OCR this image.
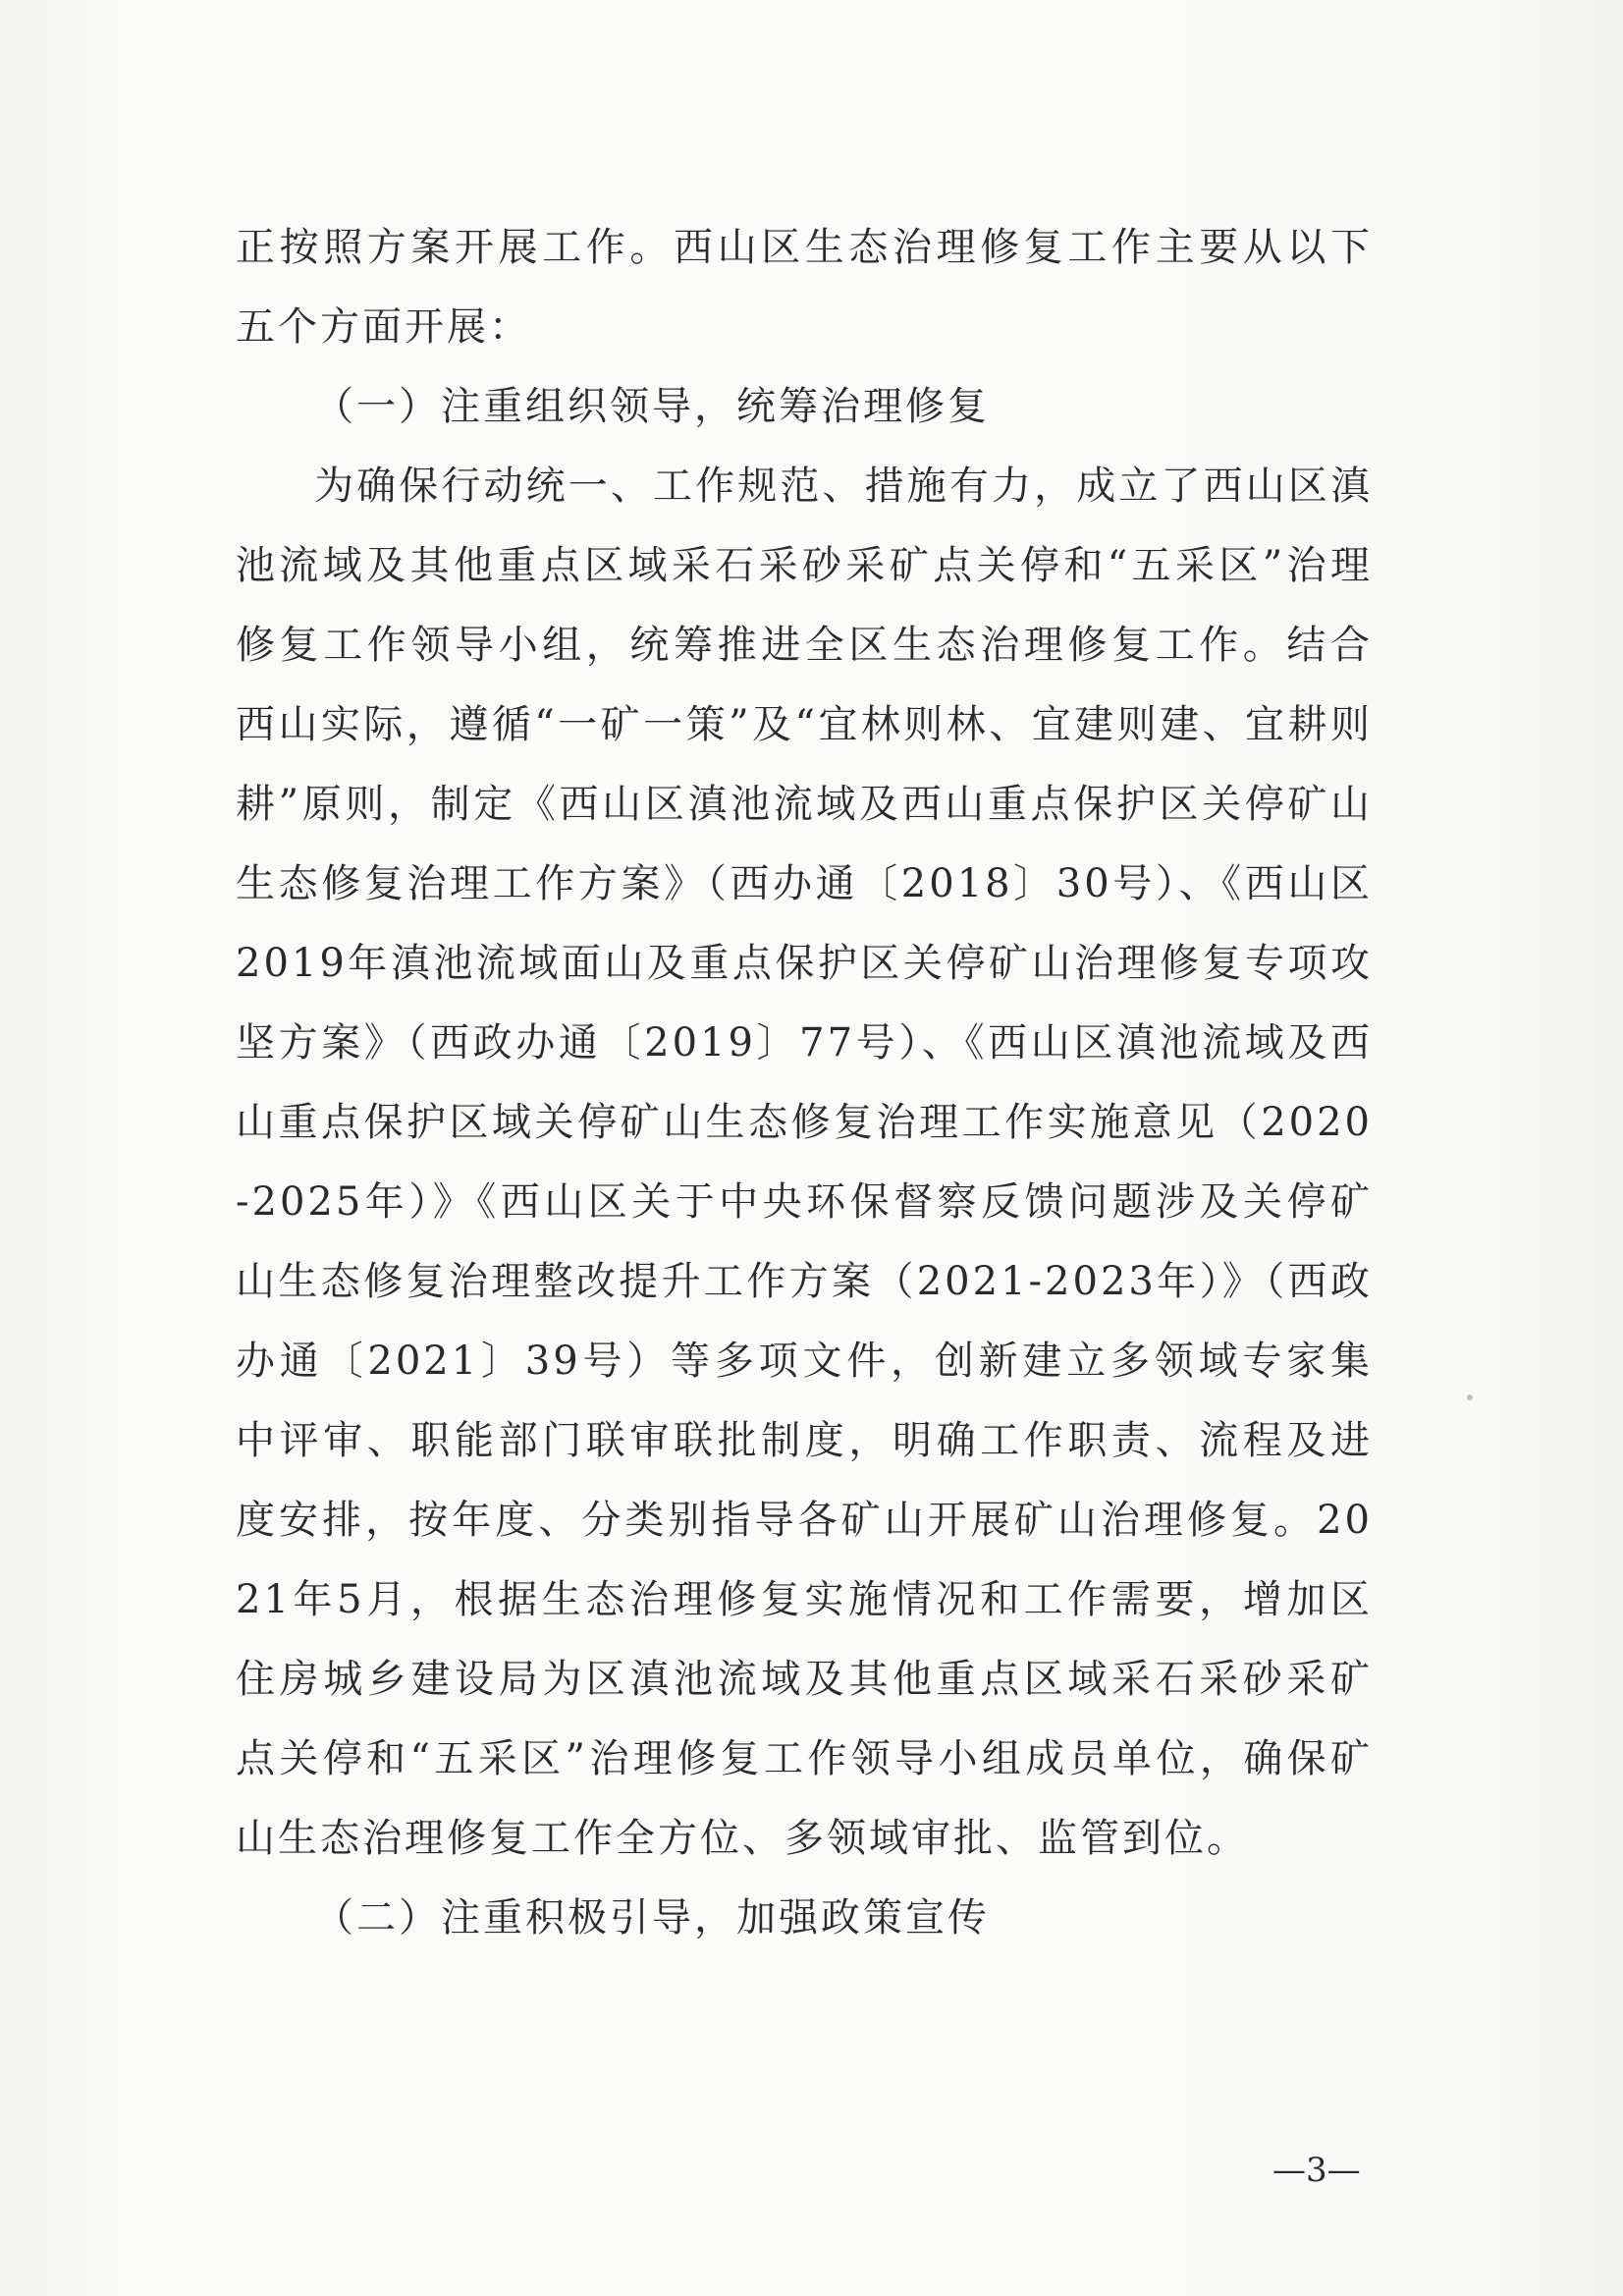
正按照方案开展工作。西山区生态治理修复工作主要从以下五个方面开展：

（一）注重组织领导，统筹治理修复

为确保行动统一、工作规范、措施有力，成立了西山区滇池流域及其他重点区域采石采砂采矿点关停和“五采区”治理修复工作领导小组，统筹推进全区生态治理修复工作。结合西山实际，遵循“一矿一策”及“宜林则林、宜建则建、宜耕则耕”原则，制定《西山区滇池流域及西山重点保护区关停矿山生态修复治理工作方案》（西办通〔2018〕30号）、《西山区2019年滇池流域面山及重点保护区关停矿山治理修复专项攻坚方案》（西政办通〔2019〕77号）、《西山区滇池流域及西山重点保护区域关停矿山生态修复治理工作实施意见（2020-2025年）》《西山区关于中央环保督察反馈问题涉及关停矿山生态修复治理整改提升工作方案（2021-2023年）》（西政办通〔2021〕39号）等多项文件，创新建立多领域专家集中评审、职能部门联审联批制度，明确工作职责、流程及进度安排，按年度、分类别指导各矿山开展矿山治理修复。2021年5月，根据生态治理修复实施情况和工作需要，增加区住房城乡建设局为区滇池流域及其他重点区域采石采砂采矿点关停和“五采区”治理修复工作领导小组成员单位，确保矿山生态治理修复工作全方位、多领域审批、监管到位。

（二）注重积极引导，加强政策宣传

—3—
